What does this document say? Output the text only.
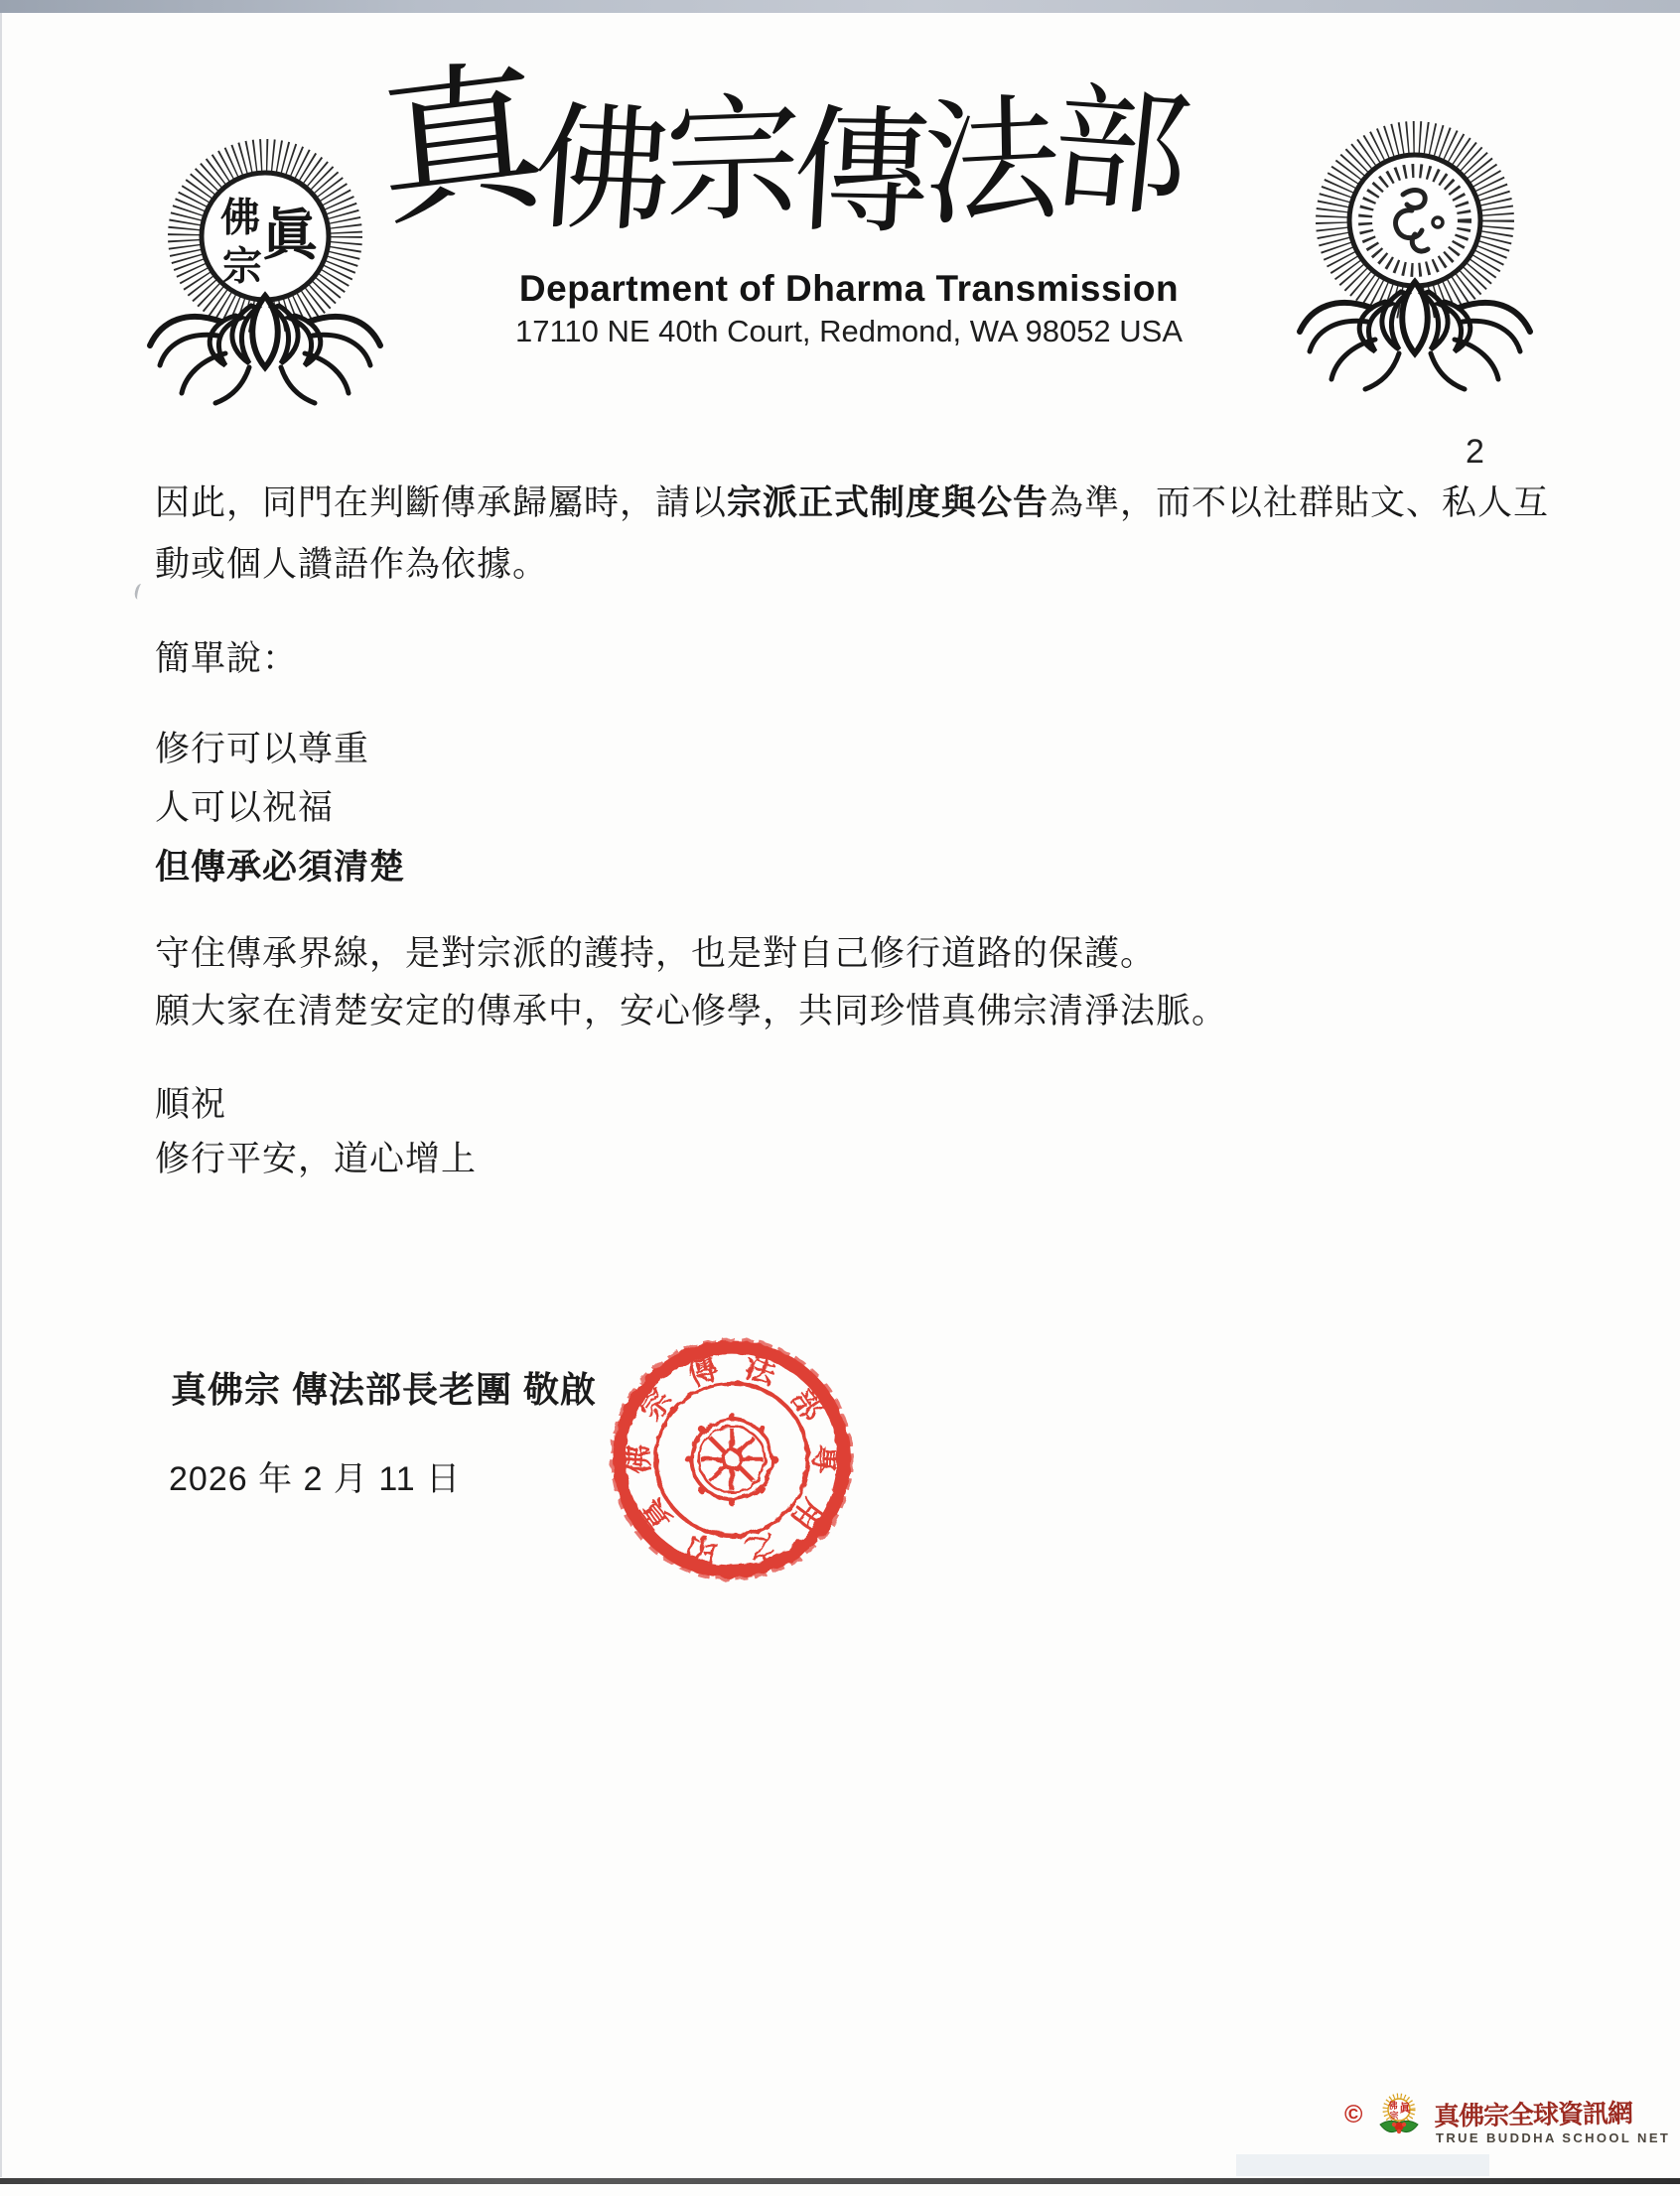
佛 眞
宗
真佛宗傳法部
Department of Dharma Transmission
17110 NE 40th Court, Redmond, WA 98052 USA
2
因此，同門在判斷傳承歸屬時，請以宗派正式制度與公告為準，而不以社群貼文、私人互
動或個人讚語作為依據。
簡單說：
修行可以尊重
人可以祝福
但傳承必須清楚
守住傳承界線，是對宗派的護持，也是對自己修行道路的保護。
願大家在清楚安定的傳承中，安心修學，共同珍惜真佛宗清淨法脈。
順祝
修行平安，道心增上
真佛宗 傳法部長老團 敬啟
2026 年 2 月 11 日
傳 法
部
專
用
之
印
真
佛
宗
©	佛 眞
宗 真佛宗全球資訊網
TRUE BUDDHA SCHOOL NET
